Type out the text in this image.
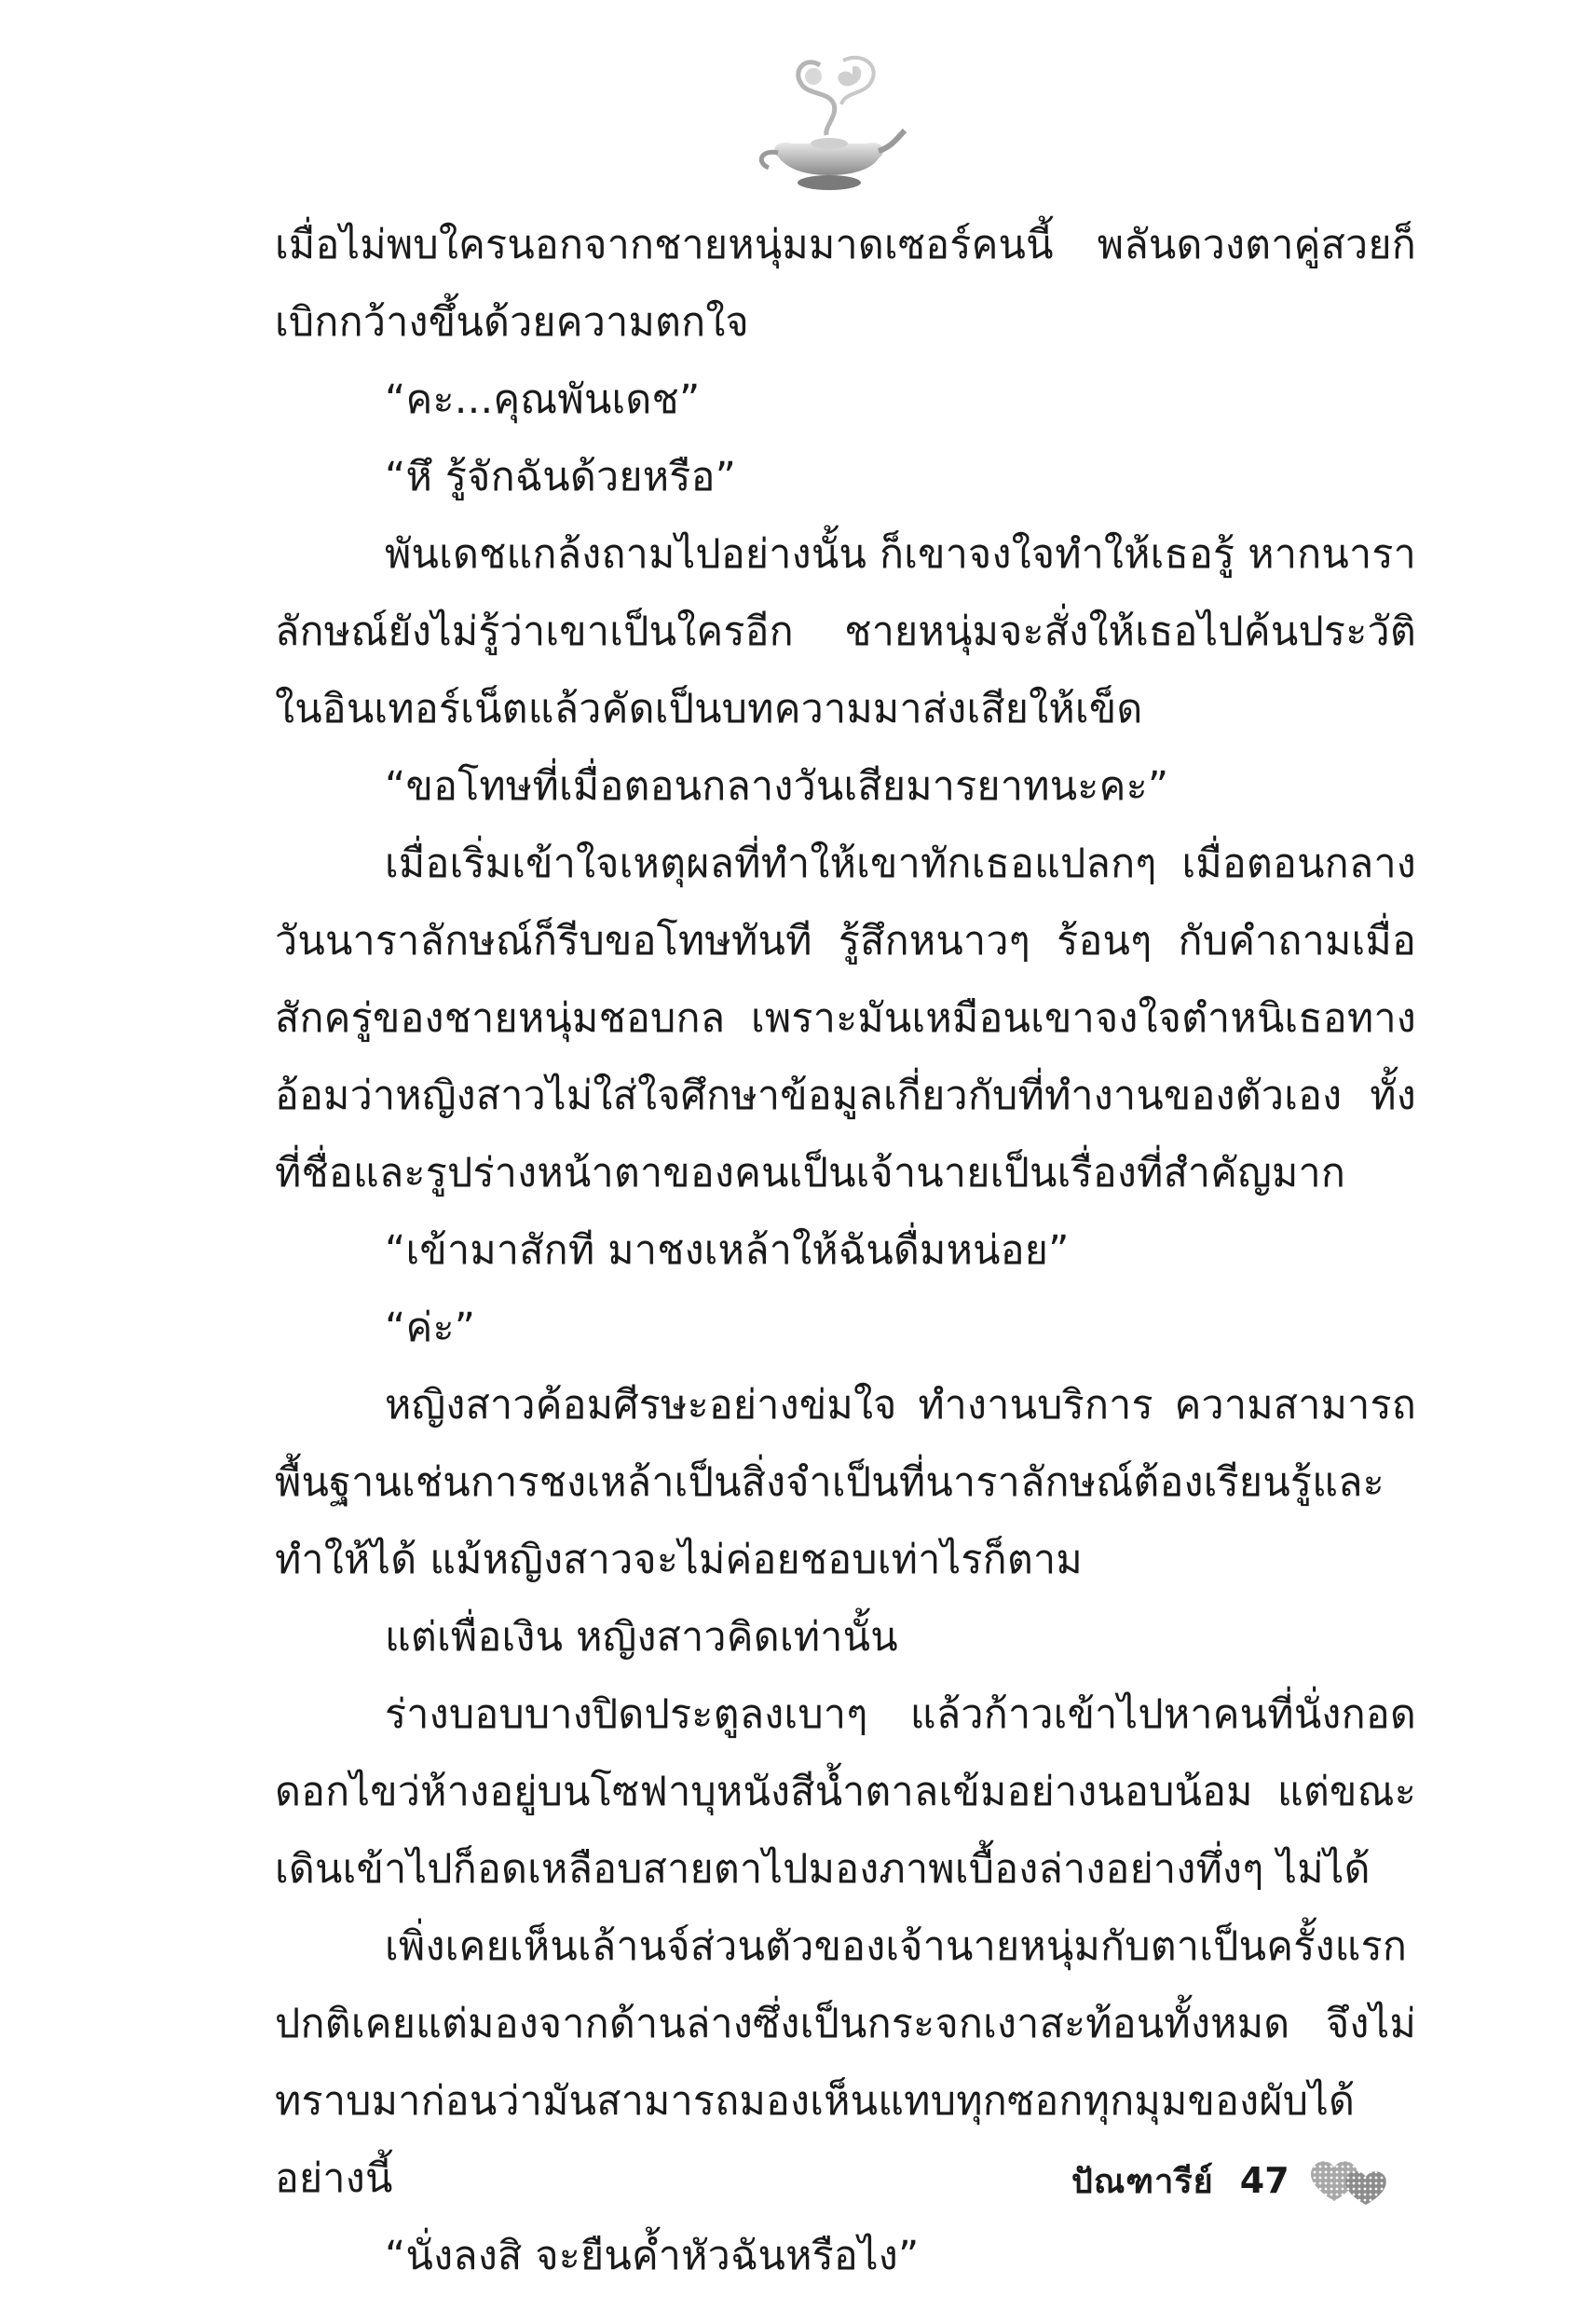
เมื่อไม่พบใครนอกจากชายหนุ่มมาดเซอร์คนนี้ พลันดวงตาคู่สวยก็เบิกกว้างขึ้นด้วยความตกใจ

“คะ...คุณพันเดช”

“หึ รู้จักฉันด้วยหรือ”

พันเดชแกล้งถามไปอย่างนั้น ก็เขาจงใจทำให้เธอรู้ หากนาราลักษณ์ยังไม่รู้ว่าเขาเป็นใครอีก ชายหนุ่มจะสั่งให้เธอไปค้นประวัติในอินเทอร์เน็ตแล้วคัดเป็นบทความมาส่งเสียให้เข็ด

“ขอโทษที่เมื่อตอนกลางวันเสียมารยาทนะคะ”

เมื่อเริ่มเข้าใจเหตุผลที่ทำให้เขาทักเธอแปลกๆ เมื่อตอนกลางวันนาราลักษณ์ก็รีบขอโทษทันที รู้สึกหนาวๆ ร้อนๆ กับคำถามเมื่อสักครู่ของชายหนุ่มชอบกล เพราะมันเหมือนเขาจงใจตำหนิเธอทางอ้อมว่าหญิงสาวไม่ใส่ใจศึกษาข้อมูลเกี่ยวกับที่ทำงานของตัวเอง ทั้งที่ชื่อและรูปร่างหน้าตาของคนเป็นเจ้านายเป็นเรื่องที่สำคัญมาก

“เข้ามาสักที มาชงเหล้าให้ฉันดื่มหน่อย”

“ค่ะ”

หญิงสาวค้อมศีรษะอย่างข่มใจ ทำงานบริการ ความสามารถพื้นฐานเช่นการชงเหล้าเป็นสิ่งจำเป็นที่นาราลักษณ์ต้องเรียนรู้และทำให้ได้ แม้หญิงสาวจะไม่ค่อยชอบเท่าไรก็ตาม

แต่เพื่อเงิน หญิงสาวคิดเท่านั้น

ร่างบอบบางปิดประตูลงเบาๆ แล้วก้าวเข้าไปหาคนที่นั่งกอดดอกไขว่ห้างอยู่บนโซฟาบุหนังสีน้ำตาลเข้มอย่างนอบน้อม แต่ขณะเดินเข้าไปก็อดเหลือบสายตาไปมองภาพเบื้องล่างอย่างทึ่งๆ ไม่ได้

เพิ่งเคยเห็นเล้านจ์ส่วนตัวของเจ้านายหนุ่มกับตาเป็นครั้งแรกปกติเคยแต่มองจากด้านล่างซึ่งเป็นกระจกเงาสะท้อนทั้งหมด จึงไม่ทราบมาก่อนว่ามันสามารถมองเห็นแทบทุกซอกทุกมุมของผับได้อย่างนี้

“นั่งลงสิ จะยืนค้ำหัวฉันหรือไง”

ปัณฑารีย์ 47
